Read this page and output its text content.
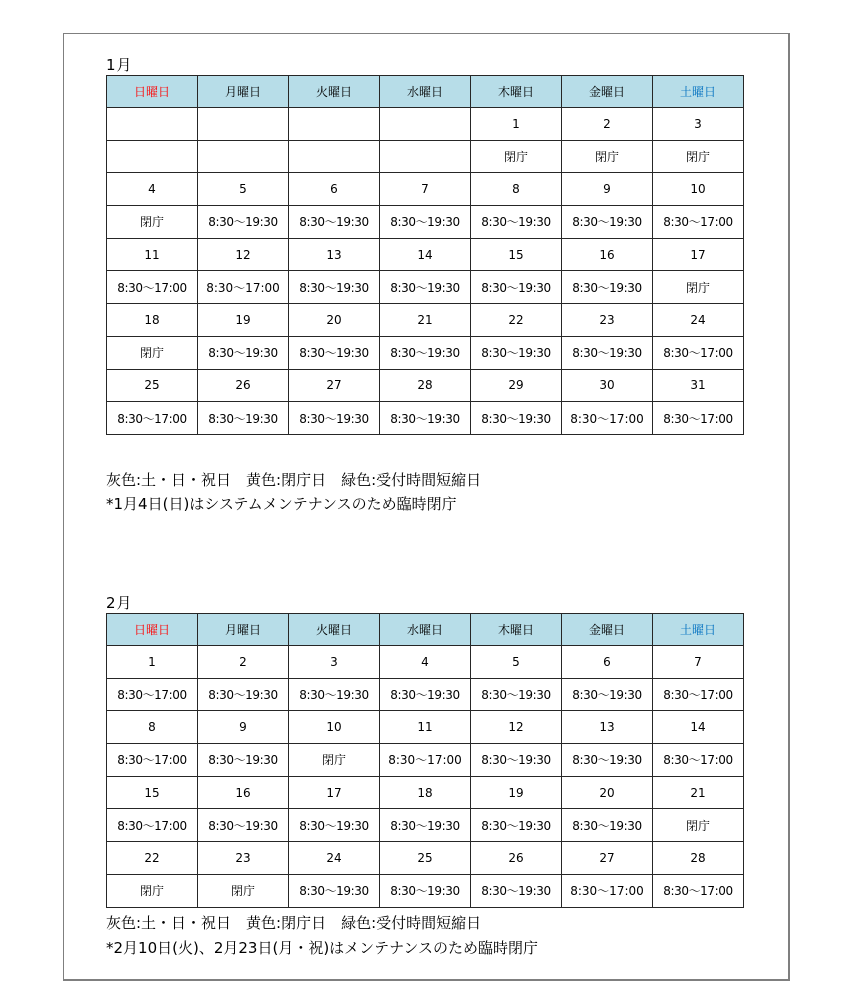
1月
日曜日	月曜日	火曜日	水曜日	木曜日	金曜日	土曜日
				1	2	3
				閉庁	閉庁	閉庁
4	5	6	7	8	9	10
閉庁	8:30〜19:30	8:30〜19:30	8:30〜19:30	8:30〜19:30	8:30〜19:30	8:30〜17:00
11	12	13	14	15	16	17
8:30〜17:00	8:30〜17:00	8:30〜19:30	8:30〜19:30	8:30〜19:30	8:30〜19:30	閉庁
18	19	20	21	22	23	24
閉庁	8:30〜19:30	8:30〜19:30	8:30〜19:30	8:30〜19:30	8:30〜19:30	8:30〜17:00
25	26	27	28	29	30	31
8:30〜17:00	8:30〜19:30	8:30〜19:30	8:30〜19:30	8:30〜19:30	8:30〜17:00	8:30〜17:00
灰色:土・日・祝日　黄色:閉庁日　緑色:受付時間短縮日
*1月4日(日)はシステムメンテナンスのため臨時閉庁
2月
日曜日	月曜日	火曜日	水曜日	木曜日	金曜日	土曜日
1	2	3	4	5	6	7
8:30〜17:00	8:30〜19:30	8:30〜19:30	8:30〜19:30	8:30〜19:30	8:30〜19:30	8:30〜17:00
8	9	10	11	12	13	14
8:30〜17:00	8:30〜19:30	閉庁	8:30〜17:00	8:30〜19:30	8:30〜19:30	8:30〜17:00
15	16	17	18	19	20	21
8:30〜17:00	8:30〜19:30	8:30〜19:30	8:30〜19:30	8:30〜19:30	8:30〜19:30	閉庁
22	23	24	25	26	27	28
閉庁	閉庁	8:30〜19:30	8:30〜19:30	8:30〜19:30	8:30〜17:00	8:30〜17:00
灰色:土・日・祝日　黄色:閉庁日　緑色:受付時間短縮日
*2月10日(火)、2月23日(月・祝)はメンテナンスのため臨時閉庁
